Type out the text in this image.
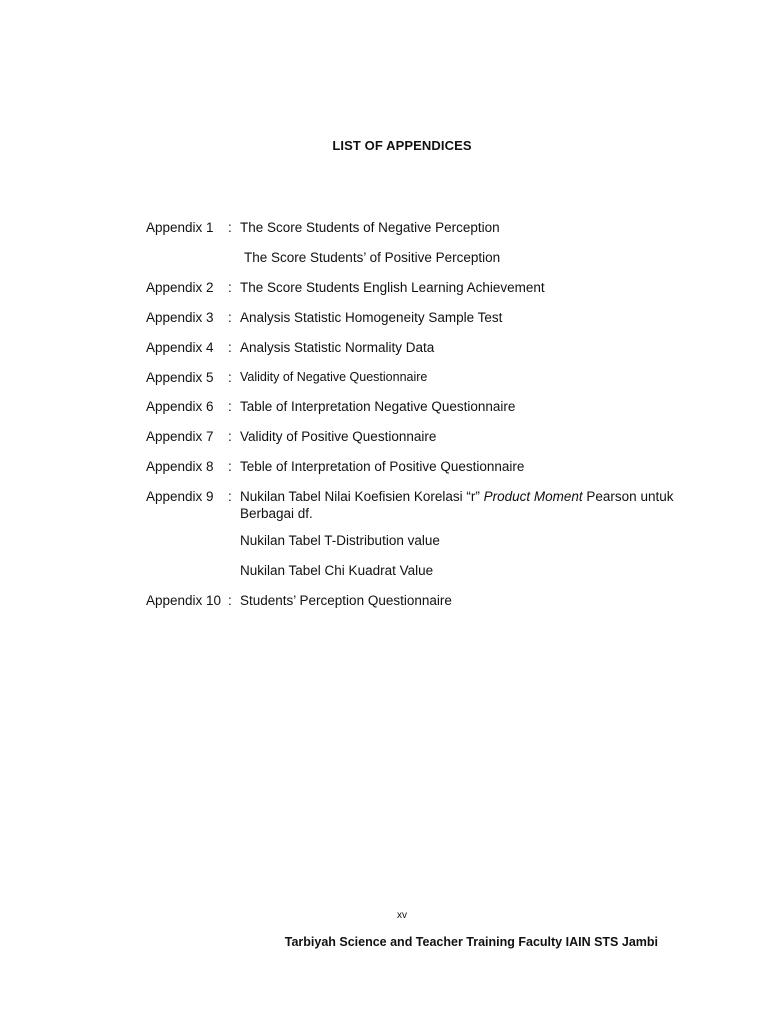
LIST OF APPENDICES
Appendix 1	: The Score Students of Negative Perception
The Score Students’ of Positive Perception
Appendix 2	: The Score Students English Learning Achievement
Appendix 3	: Analysis Statistic Homogeneity Sample Test
Appendix 4	: Analysis Statistic Normality Data
Appendix 5	: Validity of Negative Questionnaire
Appendix 6	: Table of Interpretation Negative Questionnaire
Appendix 7	: Validity of Positive Questionnaire
Appendix 8	: Teble of Interpretation of Positive Questionnaire
Appendix 9	: Nukilan Tabel Nilai Koefisien Korelasi “r” Product Moment Pearson untuk Berbagai df.
Nukilan Tabel T-Distribution value
Nukilan Tabel Chi Kuadrat Value
Appendix 10 : Students’ Perception Questionnaire
xv
Tarbiyah Science and Teacher Training Faculty IAIN STS Jambi
